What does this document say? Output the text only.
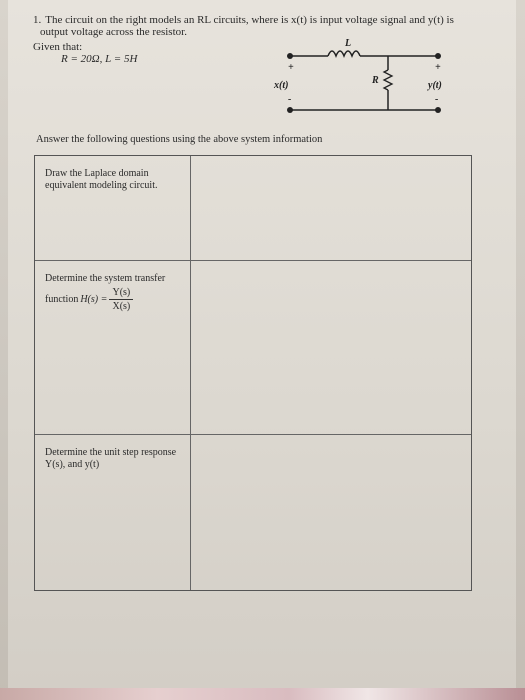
1. The circuit on the right models an RL circuits, where is x(t) is input voltage signal and y(t) is
output voltage across the resistor.
Given that:
R = 20Ω, L = 5H
L
R
x(t)	y(t)
+
-
+
-
Answer the following questions using the above system information
Draw the Laplace domain equivalent modeling circuit.
Determine the system transfer
function $H(s) = \frac{Y(s)}{X(s)}$
Determine the unit step response Y(s), and y(t)
